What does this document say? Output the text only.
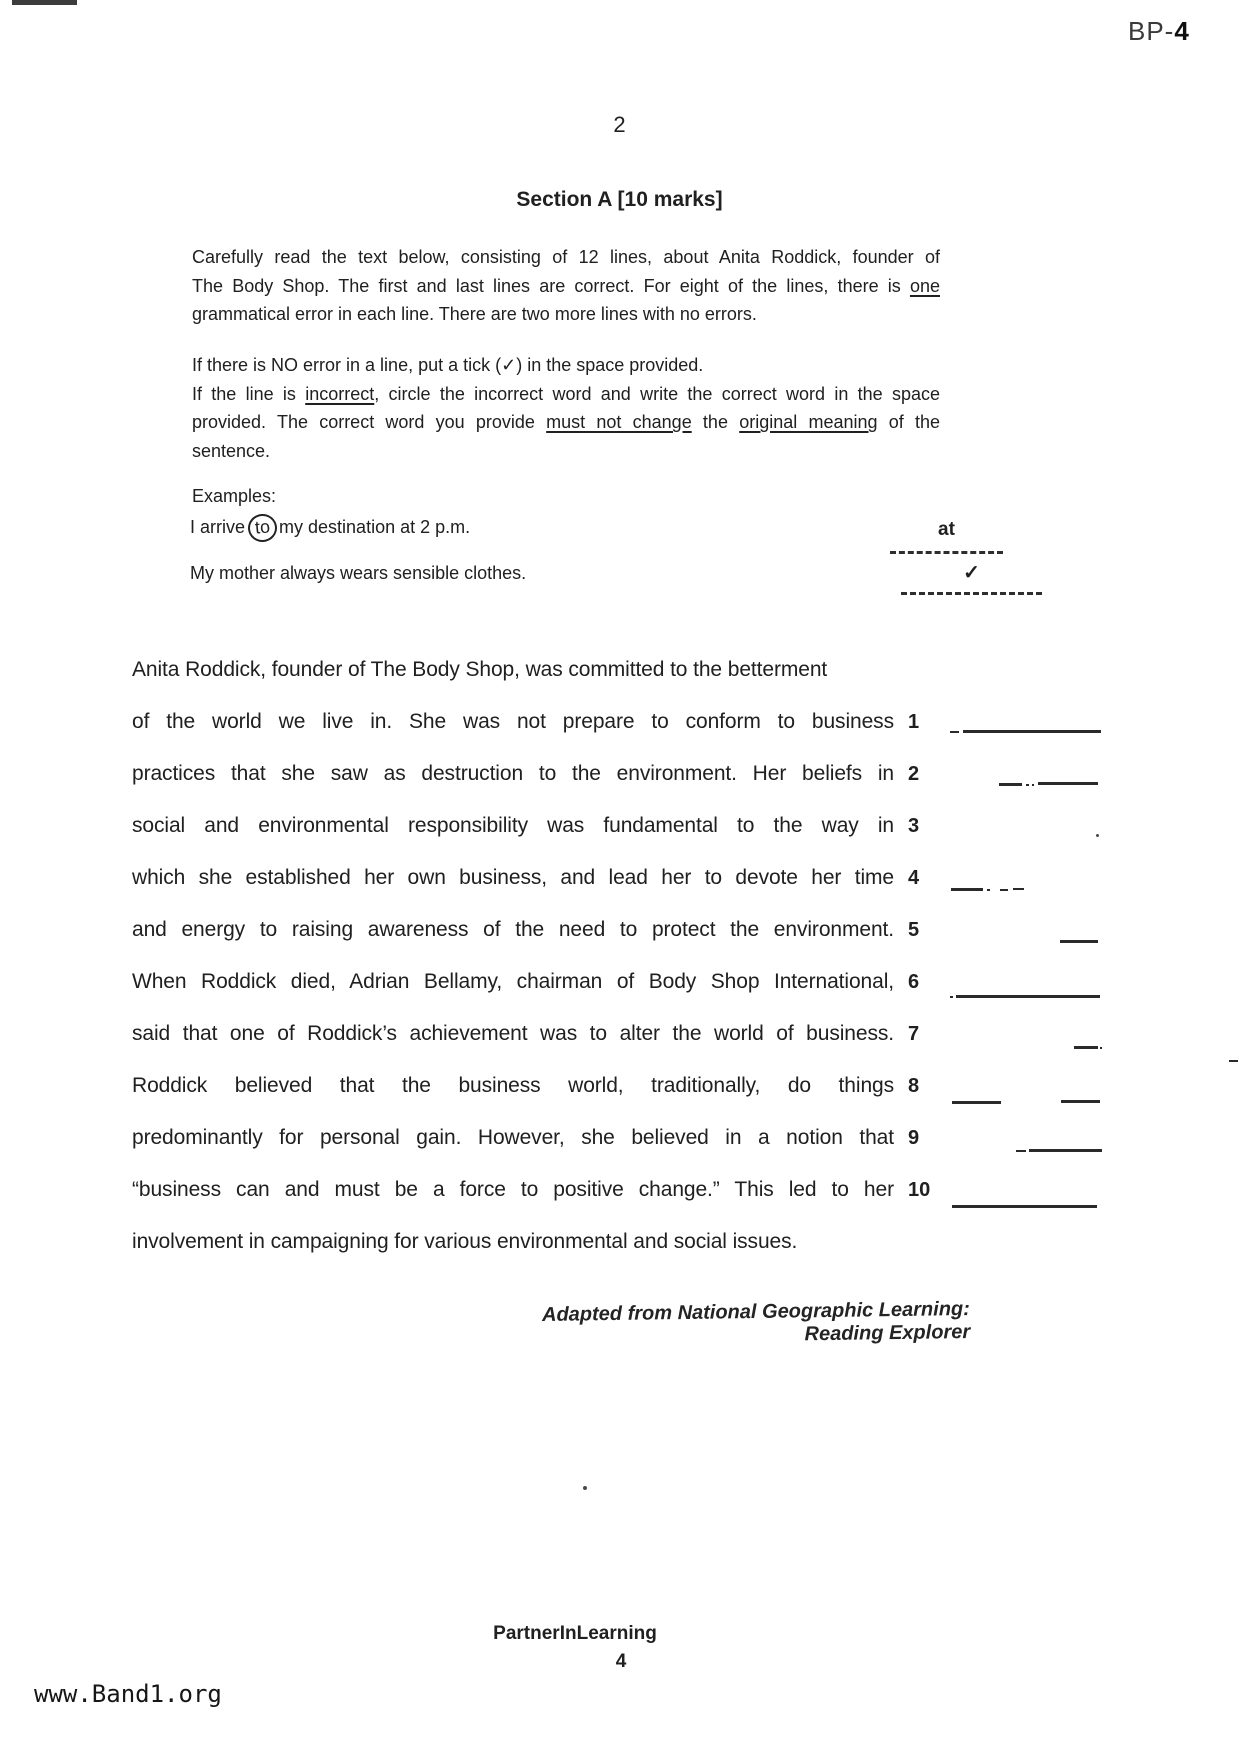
BP-4
2
Section A [10 marks]
Carefully read the text below, consisting of 12 lines, about Anita Roddick, founder of
The Body Shop. The first and last lines are correct. For eight of the lines, there is one
grammatical error in each line. There are two more lines with no errors.
If there is NO error in a line, put a tick (✓) in the space provided.
If the line is incorrect, circle the incorrect word and write the correct word in the space
provided. The correct word you provide must not change the original meaning of the
sentence.
Examples:
I arrive to my destination at 2 p.m.	at
My mother always wears sensible clothes.	✓
Anita Roddick, founder of The Body Shop, was committed to the betterment
of the world we live in. She was not prepare to conform to business 1
practices that she saw as destruction to the environment. Her beliefs in 2
social and environmental responsibility was fundamental to the way in 3
which she established her own business, and lead her to devote her time 4
and energy to raising awareness of the need to protect the environment. 5
When Roddick died, Adrian Bellamy, chairman of Body Shop International, 6
said that one of Roddick’s achievement was to alter the world of business. 7
Roddick believed that the business world, traditionally, do things 8
predominantly for personal gain. However, she believed in a notion that 9
“business can and must be a force to positive change.” This led to her 10
involvement in campaigning for various environmental and social issues.
Adapted from National Geographic Learning: Reading Explorer
PartnerInLearning
4
www.Band1.org
